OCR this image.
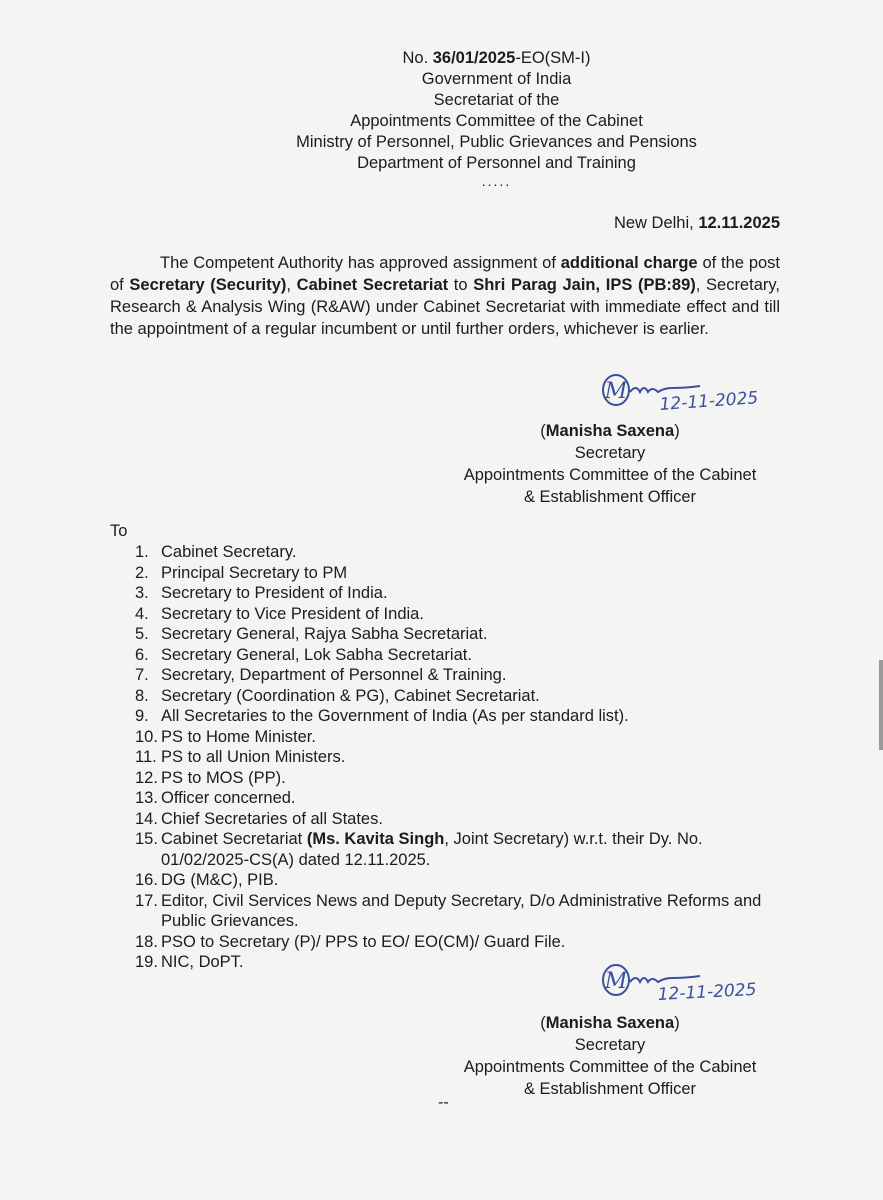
No. 36/01/2025-EO(SM-I)
Government of India
Secretariat of the
Appointments Committee of the Cabinet
Ministry of Personnel, Public Grievances and Pensions
Department of Personnel and Training
.....
New Delhi, 12.11.2025
The Competent Authority has approved assignment of additional charge of the post of Secretary (Security), Cabinet Secretariat to Shri Parag Jain, IPS (PB:89), Secretary, Research & Analysis Wing (R&AW) under Cabinet Secretariat with immediate effect and till the appointment of a regular incumbent or until further orders, whichever is earlier.
M 12-11-2025
(Manisha Saxena)
Secretary
Appointments Committee of the Cabinet
& Establishment Officer
To
1. Cabinet Secretary.
2. Principal Secretary to PM
3. Secretary to President of India.
4. Secretary to Vice President of India.
5. Secretary General, Rajya Sabha Secretariat.
6. Secretary General, Lok Sabha Secretariat.
7. Secretary, Department of Personnel & Training.
8. Secretary (Coordination & PG), Cabinet Secretariat.
9. All Secretaries to the Government of India (As per standard list).
10. PS to Home Minister.
11. PS to all Union Ministers.
12. PS to MOS (PP).
13. Officer concerned.
14. Chief Secretaries of all States.
15. Cabinet Secretariat (Ms. Kavita Singh, Joint Secretary) w.r.t. their Dy. No. 01/02/2025-CS(A) dated 12.11.2025.
16. DG (M&C), PIB.
17. Editor, Civil Services News and Deputy Secretary, D/o Administrative Reforms and Public Grievances.
18. PSO to Secretary (P)/ PPS to EO/ EO(CM)/ Guard File.
19. NIC, DoPT.
M 12-11-2025
(Manisha Saxena)
Secretary
Appointments Committee of the Cabinet
& Establishment Officer
--
